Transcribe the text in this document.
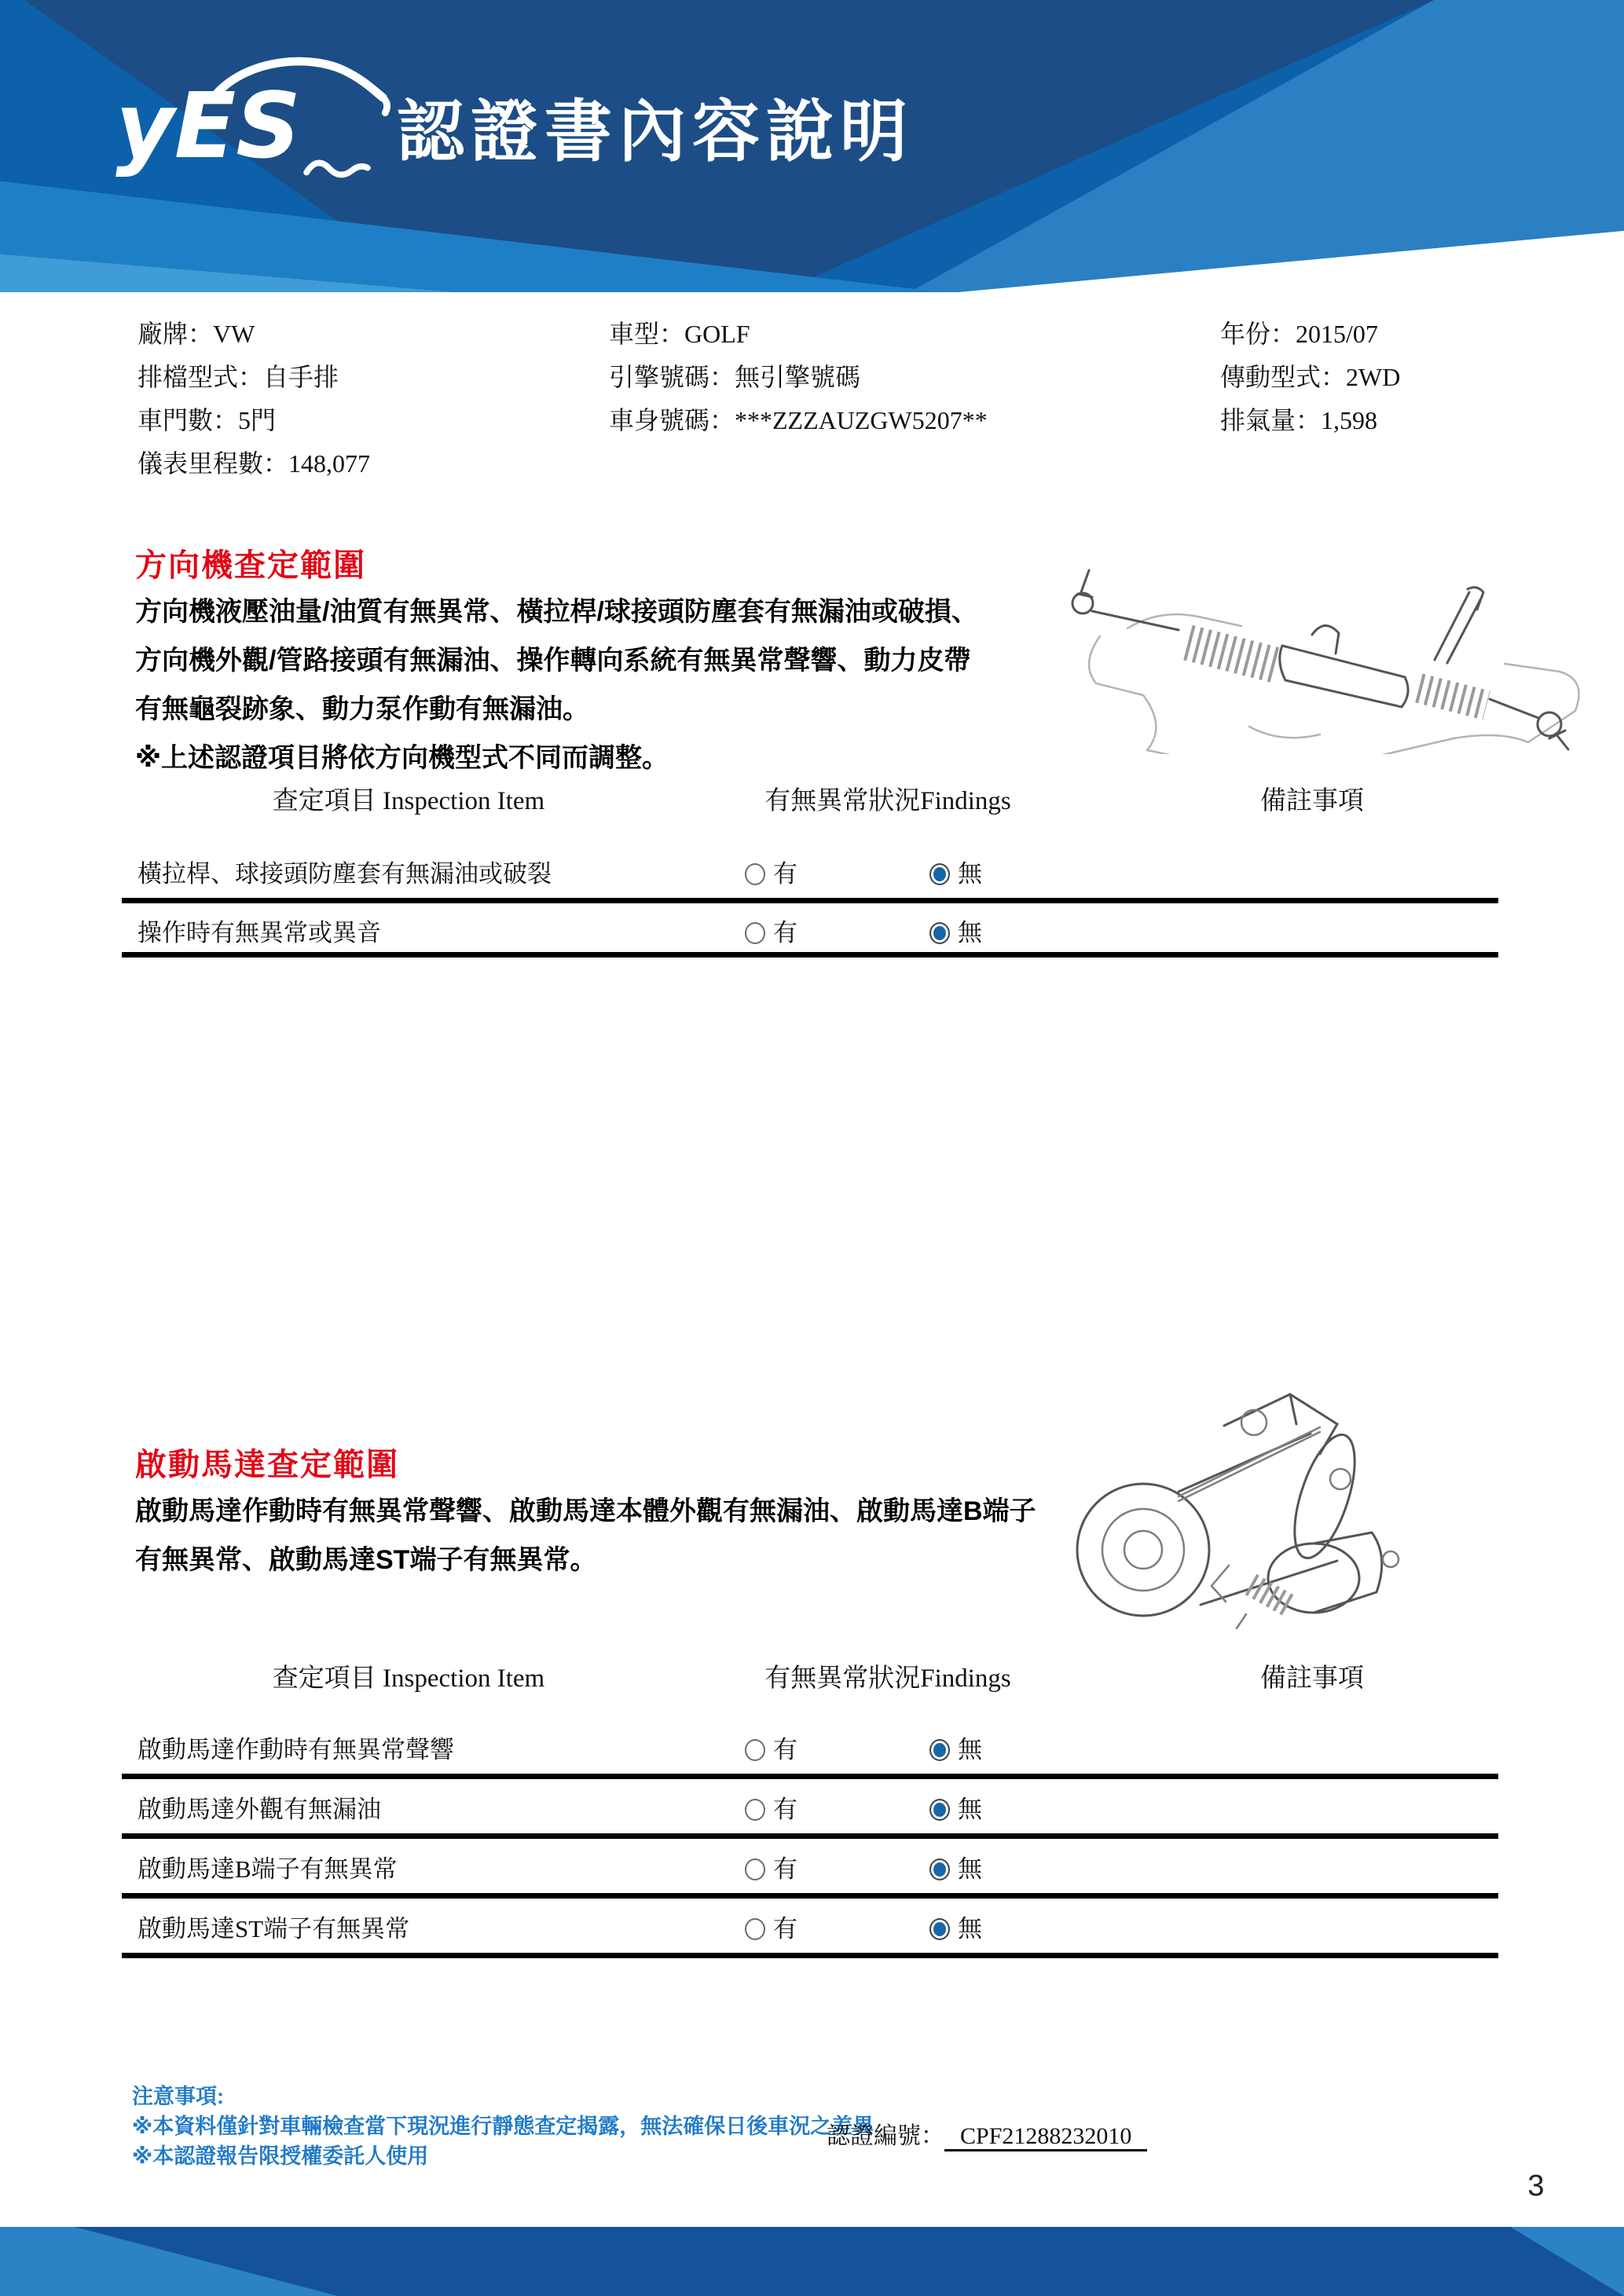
yES 認證書內容說明
廠牌：VW
排檔型式：自手排
車門數：5門
儀表里程數：148,077
車型：GOLF
引擎號碼：無引擎號碼
車身號碼：***ZZZAUZGW5207**
年份：2015/07
傳動型式：2WD
排氣量：1,598
方向機查定範圍
方向機液壓油量/油質有無異常、橫拉桿/球接頭防塵套有無漏油或破損、
方向機外觀/管路接頭有無漏油、操作轉向系統有無異常聲響、動力皮帶
有無龜裂跡象、動力泵作動有無漏油。
※上述認證項目將依方向機型式不同而調整。
查定項目 Inspection Item	有無異常狀況Findings	備註事項
橫拉桿、球接頭防塵套有無漏油或破裂	有	無
操作時有無異常或異音	有	無
啟動馬達查定範圍
啟動馬達作動時有無異常聲響、啟動馬達本體外觀有無漏油、啟動馬達B端子
有無異常、啟動馬達ST端子有無異常。
查定項目 Inspection Item	有無異常狀況Findings	備註事項
啟動馬達作動時有無異常聲響	有	無
啟動馬達外觀有無漏油	有	無
啟動馬達B端子有無異常	有	無
啟動馬達ST端子有無異常	有	無
注意事項:
※本資料僅針對車輛檢查當下現況進行靜態查定揭露，無法確保日後車況之差異
※本認證報告限授權委託人使用
認證編號： CPF21288232010
3
